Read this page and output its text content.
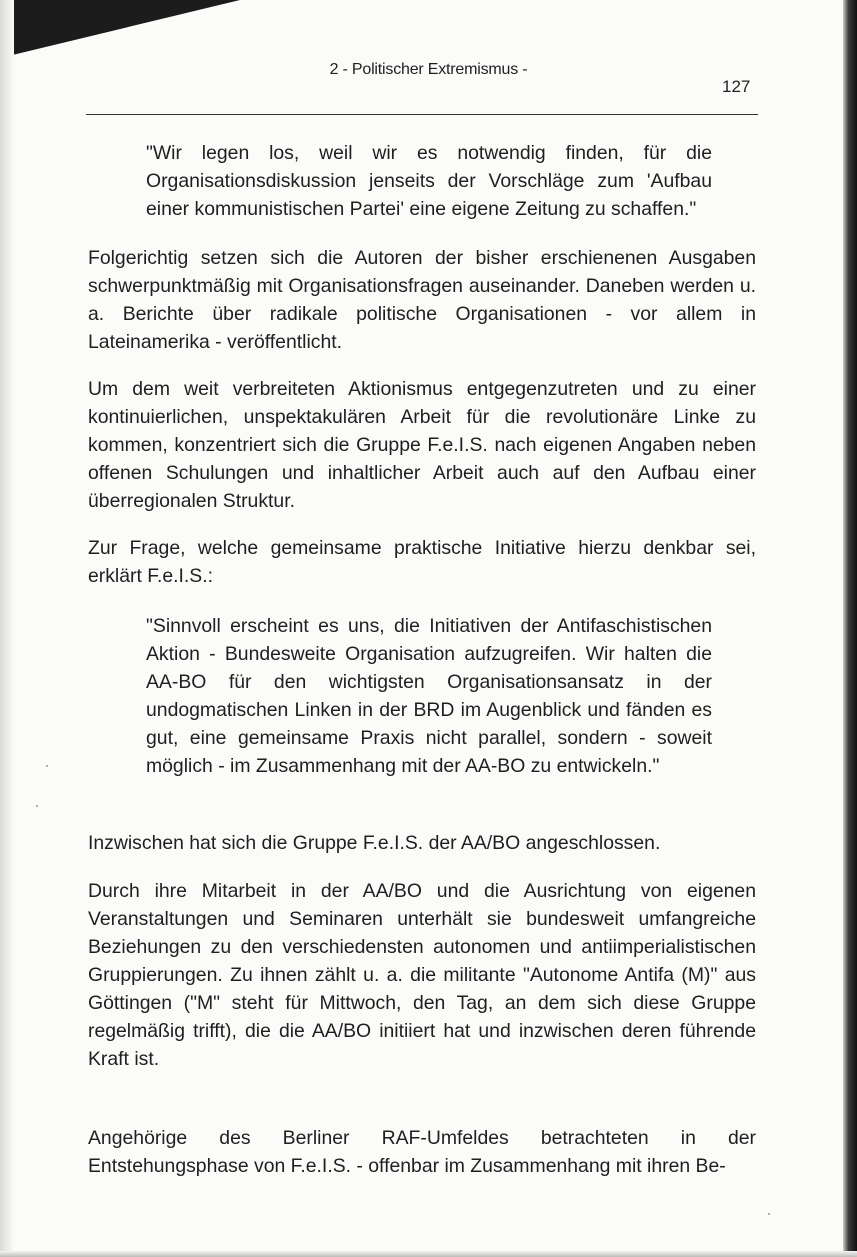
2 - Politischer Extremismus -
127

"Wir legen los, weil wir es notwendig finden, für die Organisationsdiskussion jenseits der Vorschläge zum 'Aufbau einer kommunistischen Partei' eine eigene Zeitung zu schaffen."

Folgerichtig setzen sich die Autoren der bisher erschienenen Ausgaben schwerpunktmäßig mit Organisationsfragen auseinander. Daneben werden u. a. Berichte über radikale politische Organisationen - vor allem in Lateinamerika - veröffentlicht.

Um dem weit verbreiteten Aktionismus entgegenzutreten und zu einer kontinuierlichen, unspektakulären Arbeit für die revolutionäre Linke zu kommen, konzentriert sich die Gruppe F.e.I.S. nach eigenen Angaben neben offenen Schulungen und inhaltlicher Arbeit auch auf den Aufbau einer überregionalen Struktur.

Zur Frage, welche gemeinsame praktische Initiative hierzu denkbar sei, erklärt F.e.I.S.:

"Sinnvoll erscheint es uns, die Initiativen der Antifaschistischen Aktion - Bundesweite Organisation aufzugreifen. Wir halten die AA-BO für den wichtigsten Organisationsansatz in der undogmatischen Linken in der BRD im Augenblick und fänden es gut, eine gemeinsame Praxis nicht parallel, sondern - soweit möglich - im Zusammenhang mit der AA-BO zu entwickeln."

Inzwischen hat sich die Gruppe F.e.I.S. der AA/BO angeschlossen.

Durch ihre Mitarbeit in der AA/BO und die Ausrichtung von eigenen Veranstaltungen und Seminaren unterhält sie bundesweit umfangreiche Beziehungen zu den verschiedensten autonomen und antiimperialistischen Gruppierungen. Zu ihnen zählt u. a. die militante "Autonome Antifa (M)" aus Göttingen ("M" steht für Mittwoch, den Tag, an dem sich diese Gruppe regelmäßig trifft), die die AA/BO initiiert hat und inzwischen deren führende Kraft ist.

Angehörige des Berliner RAF-Umfeldes betrachteten in der Entstehungsphase von F.e.I.S. - offenbar im Zusammenhang mit ihren Be-
